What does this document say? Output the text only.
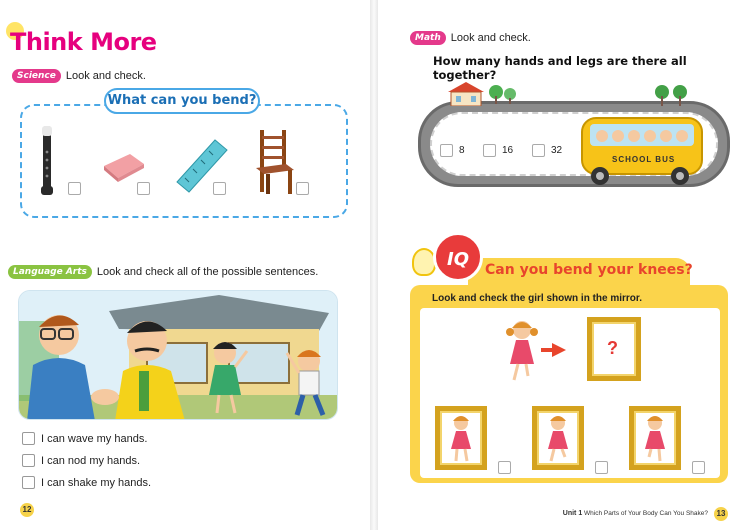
Think More
Science Look and check.
What can you bend?
Language Arts Look and check all of the possible sentences.
I can wave my hands.
I can nod my hands.
I can shake my hands.
12
Math Look and check.
How many hands and legs are there all together?
8	16	32
SCHOOL BUS
IQ	Can you bend your knees?
Look and check the girl shown in the mirror.
?
Unit 1 Which Parts of Your Body Can You Shake?	13
